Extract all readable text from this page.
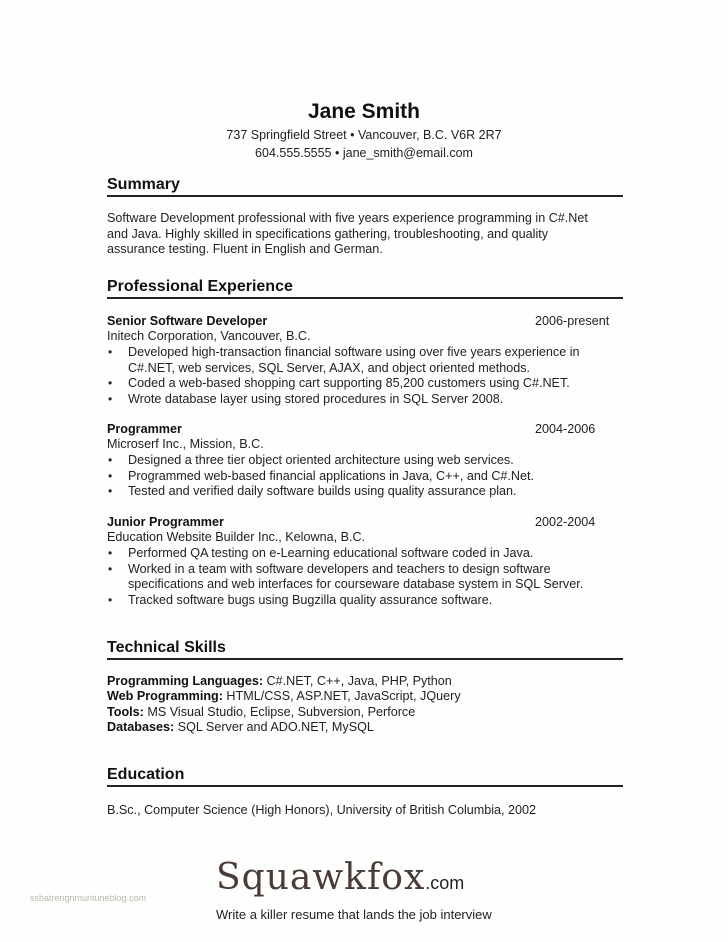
Jane Smith
737 Springfield Street • Vancouver, B.C. V6R 2R7
604.555.5555 • jane_smith@email.com
Summary
Software Development professional with five years experience programming in C#.Net
and Java. Highly skilled in specifications gathering, troubleshooting, and quality
assurance testing. Fluent in English and German.
Professional Experience
Senior Software Developer	2006-present
Initech Corporation, Vancouver, B.C.
• Developed high-transaction financial software using over five years experience in C#.NET, web services, SQL Server, AJAX, and object oriented methods.
• Coded a web-based shopping cart supporting 85,200 customers using C#.NET.
• Wrote database layer using stored procedures in SQL Server 2008.
Programmer	2004-2006
Microserf Inc., Mission, B.C.
• Designed a three tier object oriented architecture using web services.
• Programmed web-based financial applications in Java, C++, and C#.Net.
• Tested and verified daily software builds using quality assurance plan.
Junior Programmer	2002-2004
Education Website Builder Inc., Kelowna, B.C.
• Performed QA testing on e-Learning educational software coded in Java.
• Worked in a team with software developers and teachers to design software specifications and web interfaces for courseware database system in SQL Server.
• Tracked software bugs using Bugzilla quality assurance software.
Technical Skills
Programming Languages: C#.NET, C++, Java, PHP, Python
Web Programming: HTML/CSS, ASP.NET, JavaScript, JQuery
Tools: MS Visual Studio, Eclipse, Subversion, Perforce
Databases: SQL Server and ADO.NET, MySQL
Education
B.Sc., Computer Science (High Honors), University of British Columbia, 2002
ssbatrengnmuntuneblog.com Squawkfox.com
Write a killer resume that lands the job interview
